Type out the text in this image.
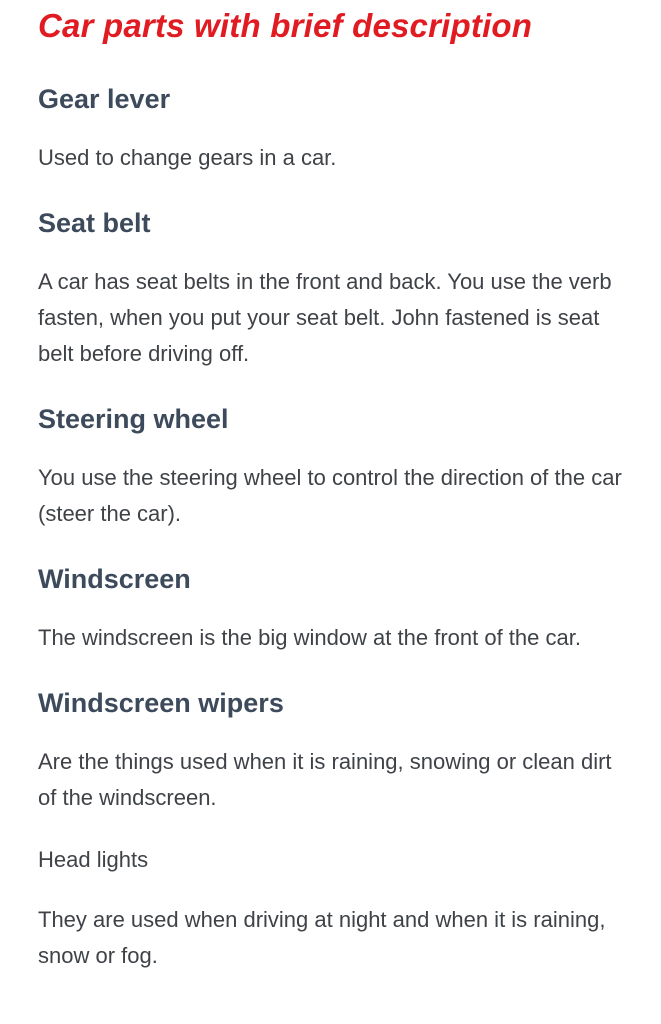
Car parts with brief description
Gear lever

Used to change gears in a car.

Seat belt

A car has seat belts in the front and back. You use the verb fasten, when you put your seat belt. John fastened is seat belt before driving off.

Steering wheel

You use the steering wheel to control the direction of the car (steer the car).

Windscreen

The windscreen is the big window at the front of the car.

Windscreen wipers

Are the things used when it is raining, snowing or clean dirt of the windscreen.

Head lights

They are used when driving at night and when it is raining, snow or fog.
